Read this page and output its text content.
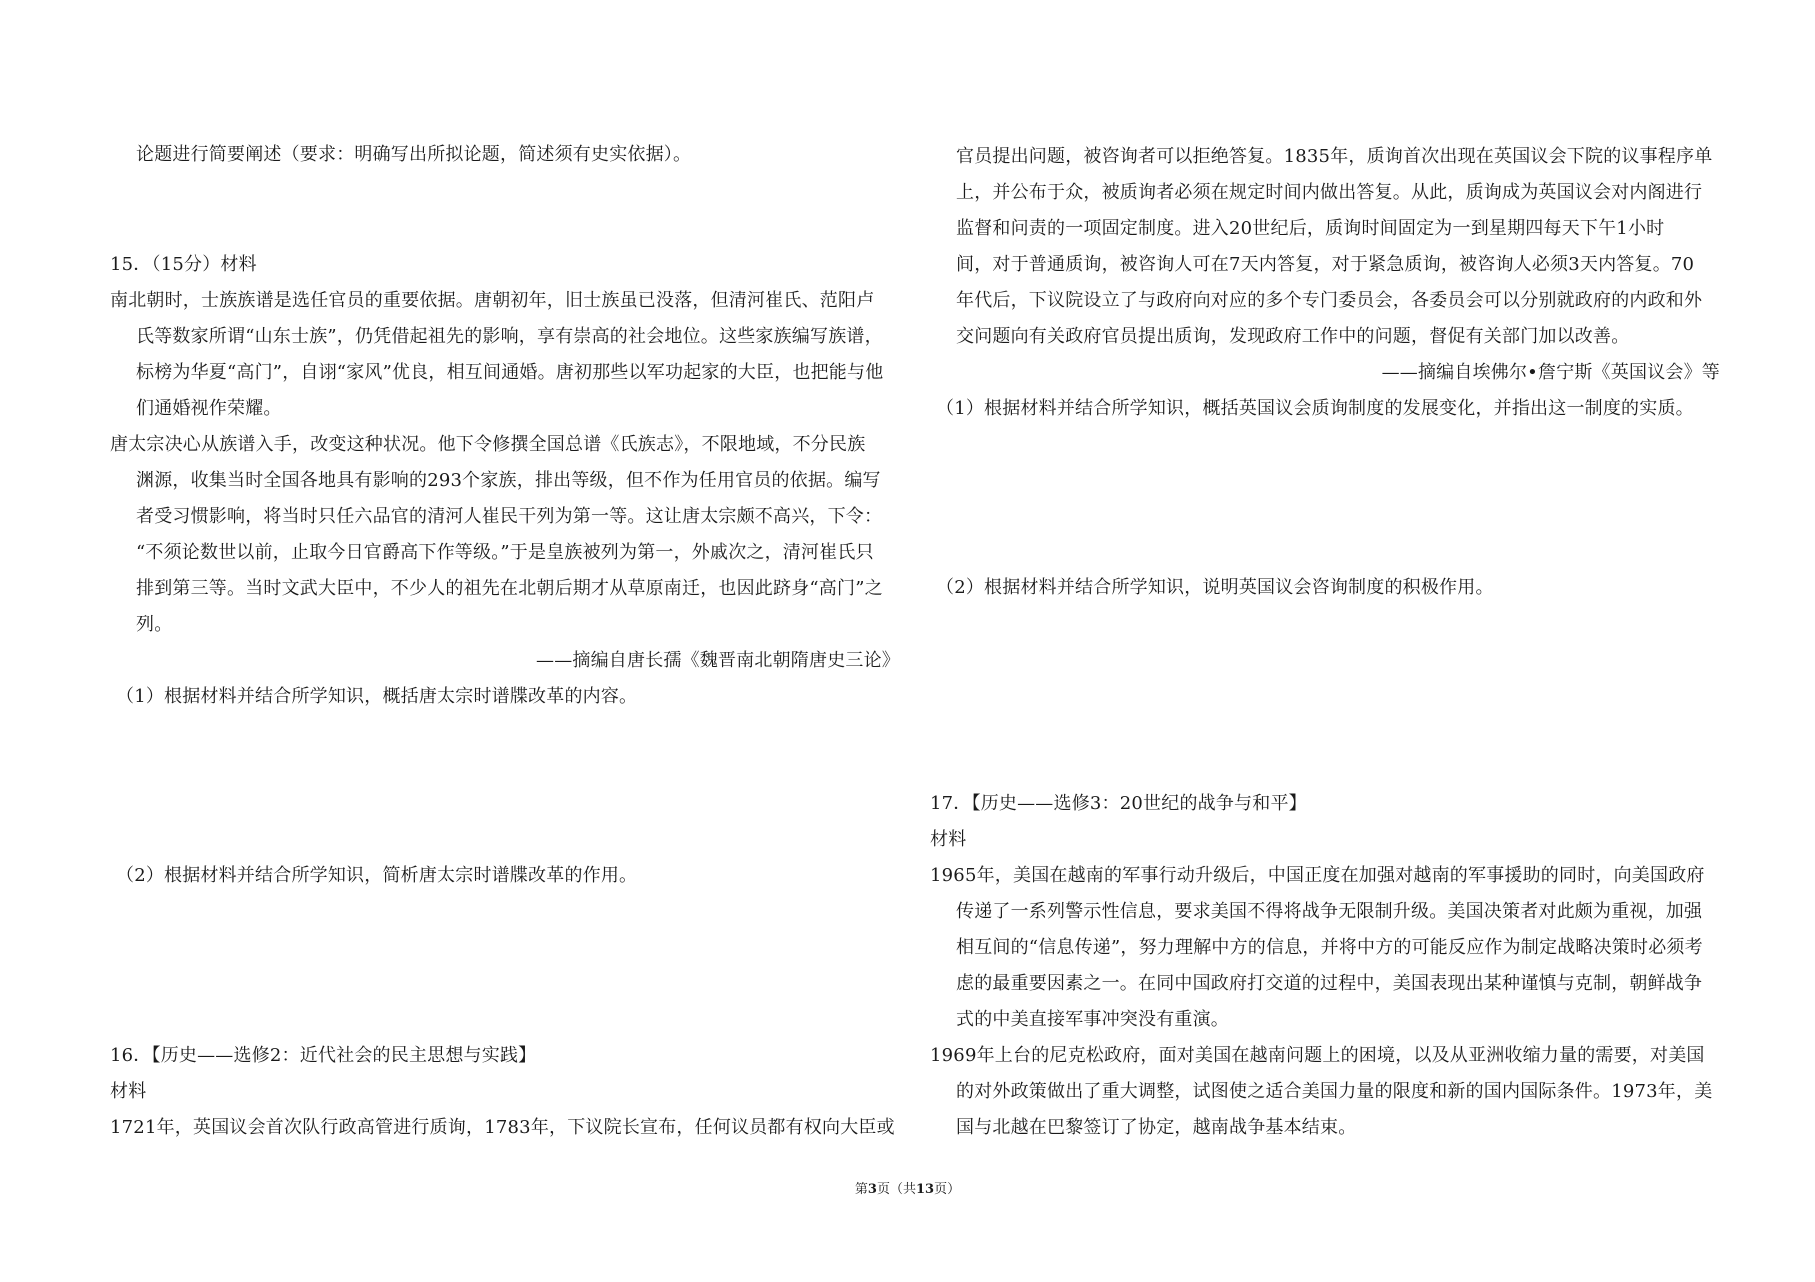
论题进行简要阐述（要求：明确写出所拟论题，简述须有史实依据）。
15．（15分）材料
南北朝时，士族族谱是选任官员的重要依据。唐朝初年，旧士族虽已没落，但清河崔氏、范阳卢
氏等数家所谓“山东士族”，仍凭借起祖先的影响，享有崇高的社会地位。这些家族编写族谱，
标榜为华夏“高门”，自诩“家风”优良，相互间通婚。唐初那些以军功起家的大臣，也把能与他
们通婚视作荣耀。
唐太宗决心从族谱入手，改变这种状况。他下令修撰全国总谱《氏族志》，不限地域，不分民族
渊源，收集当时全国各地具有影响的293个家族，排出等级，但不作为任用官员的依据。编写
者受习惯影响，将当时只任六品官的清河人崔民干列为第一等。这让唐太宗颇不高兴，下令：
“不须论数世以前，止取今日官爵高下作等级。”于是皇族被列为第一，外戚次之，清河崔氏只
排到第三等。当时文武大臣中，不少人的祖先在北朝后期才从草原南迁，也因此跻身“高门”之
列。
——摘编自唐长孺《魏晋南北朝隋唐史三论》
（1）根据材料并结合所学知识，概括唐太宗时谱牒改革的内容。
（2）根据材料并结合所学知识，简析唐太宗时谱牒改革的作用。
16．【历史——选修2：近代社会的民主思想与实践】
材料
1721年，英国议会首次队行政高管进行质询，1783年，下议院长宣布，任何议员都有权向大臣或
官员提出问题，被咨询者可以拒绝答复。1835年，质询首次出现在英国议会下院的议事程序单
上，并公布于众，被质询者必须在规定时间内做出答复。从此，质询成为英国议会对内阁进行
监督和问责的一项固定制度。进入20世纪后，质询时间固定为一到星期四每天下午1小时
间，对于普通质询，被咨询人可在7天内答复，对于紧急质询，被咨询人必须3天内答复。70
年代后，下议院设立了与政府向对应的多个专门委员会，各委员会可以分别就政府的内政和外
交问题向有关政府官员提出质询，发现政府工作中的问题，督促有关部门加以改善。
——摘编自埃佛尔•詹宁斯《英国议会》等
（1）根据材料并结合所学知识，概括英国议会质询制度的发展变化，并指出这一制度的实质。
（2）根据材料并结合所学知识，说明英国议会咨询制度的积极作用。
17．【历史——选修3：20世纪的战争与和平】
材料
1965年，美国在越南的军事行动升级后，中国正度在加强对越南的军事援助的同时，向美国政府
传递了一系列警示性信息，要求美国不得将战争无限制升级。美国决策者对此颇为重视，加强
相互间的“信息传递”，努力理解中方的信息，并将中方的可能反应作为制定战略决策时必须考
虑的最重要因素之一。在同中国政府打交道的过程中，美国表现出某种谨慎与克制，朝鲜战争
式的中美直接军事冲突没有重演。
1969年上台的尼克松政府，面对美国在越南问题上的困境，以及从亚洲收缩力量的需要，对美国
的对外政策做出了重大调整，试图使之适合美国力量的限度和新的国内国际条件。1973年，美
国与北越在巴黎签订了协定，越南战争基本结束。
第3页（共13页）
